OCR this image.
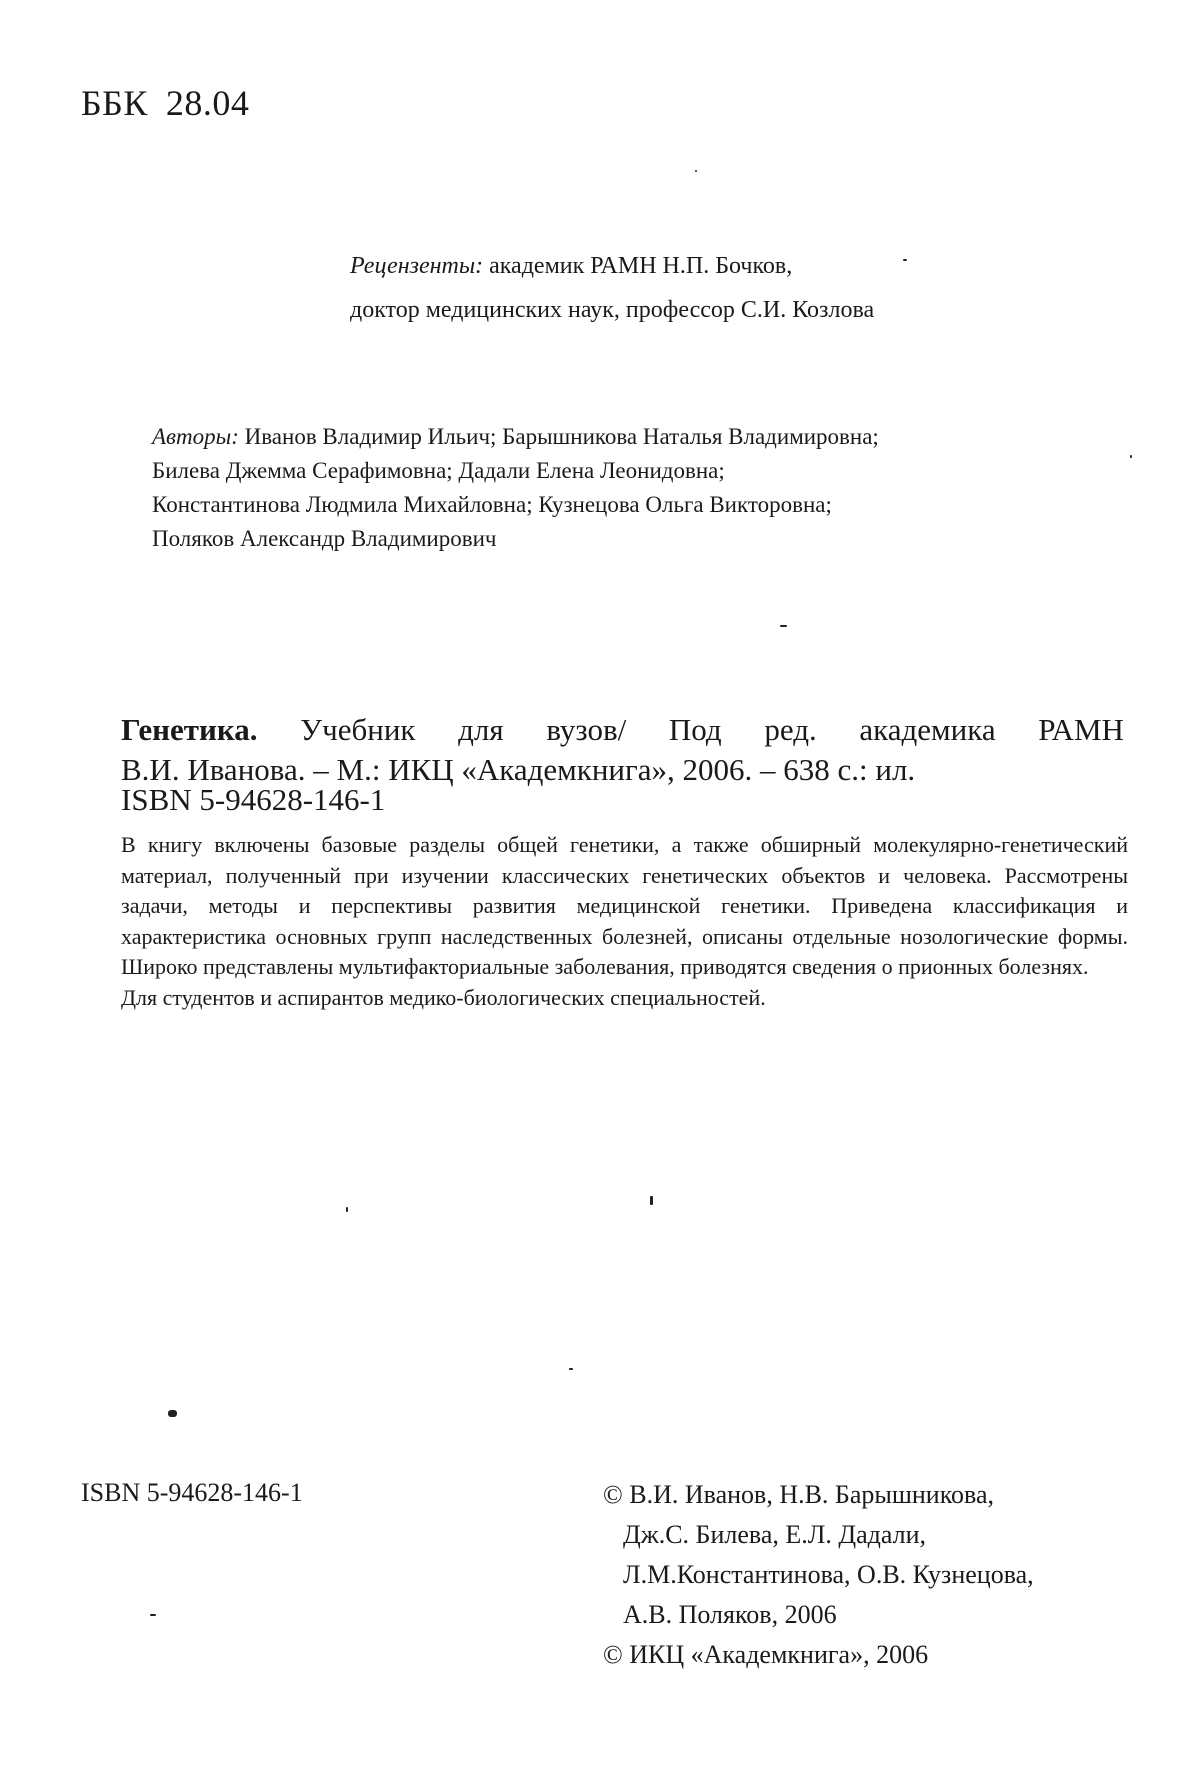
ББК 28.04
Рецензенты: академик РАМН Н.П. Бочков,
доктор медицинских наук, профессор С.И. Козлова
Авторы: Иванов Владимир Ильич; Барышникова Наталья Владимировна;
Билева Джемма Серафимовна; Дадали Елена Леонидовна;
Константинова Людмила Михайловна; Кузнецова Ольга Викторовна;
Поляков Александр Владимирович
Генетика. Учебник для вузов/ Под ред. академика РАМН
В.И. Иванова. – М.: ИКЦ «Академкнига», 2006. – 638 с.: ил.
ISBN 5-94628-146-1

В книгу включены базовые разделы общей генетики, а также обширный молекулярно-генетический материал, полученный при изучении классических генетических объектов и человека. Рассмотрены задачи, методы и перспективы развития медицинской генетики. Приведена классификация и характеристика основных групп наследственных болезней, описаны отдельные нозологические формы. Широко представлены мультифакториальные заболевания, приводятся сведения о прионных болезнях.

Для студентов и аспирантов медико-биологических специальностей.

ISBN 5-94628-146-1	© В.И. Иванов, Н.В. Барышникова,
Дж.С. Билева, Е.Л. Дадали,
Л.М.Константинова, О.В. Кузнецова,
А.В. Поляков, 2006
© ИКЦ «Академкнига», 2006
